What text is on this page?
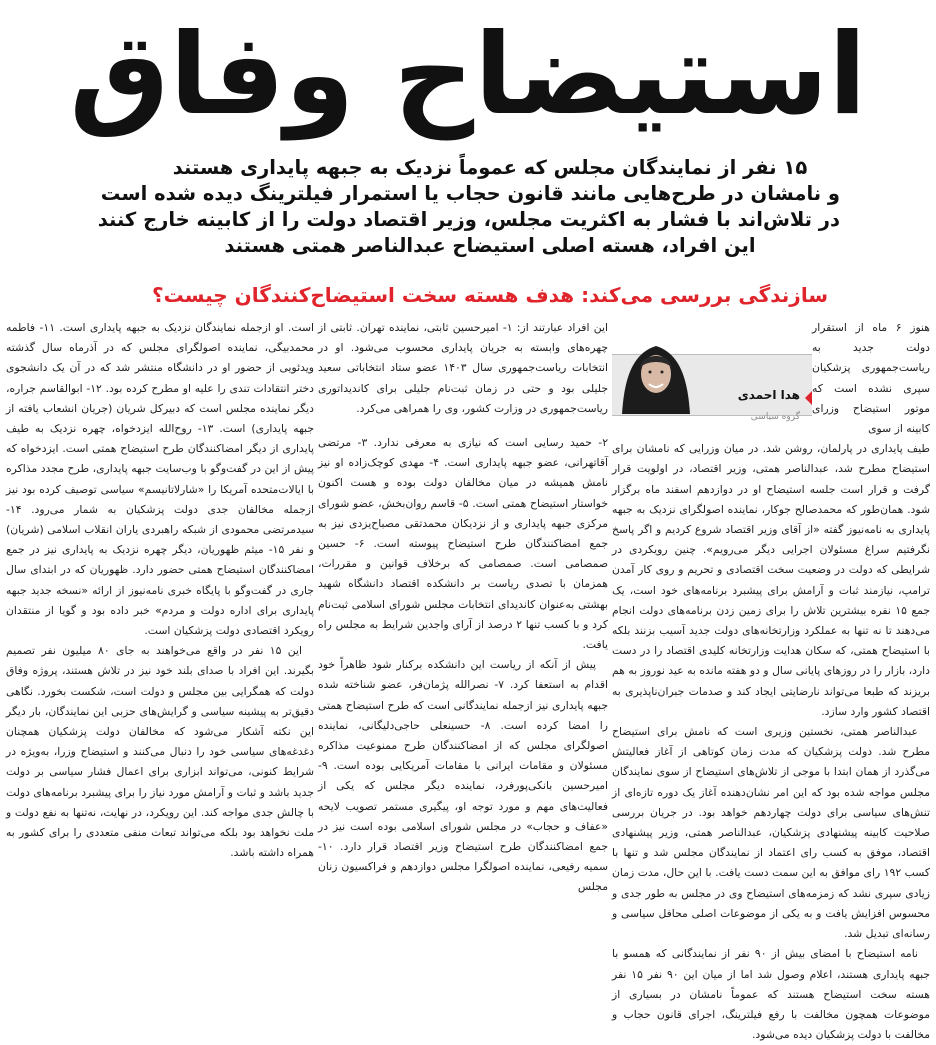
استیضاح وفاق
۱۵ نفر از نمایندگان مجلس که عموماً نزدیک به جبهه پایداری هستند
و نامشان در طرح‌هایی مانند قانون حجاب یا استمرار فیلترینگ دیده شده است
در تلاش‌اند با فشار به اکثریت مجلس، وزیر اقتصاد دولت را از کابینه خارج کنند
این افراد، هسته اصلی استیضاح عبدالناصر همتی هستند
سازندگی بررسی می‌کند: هدف هسته سخت استیضاح‌کنندگان چیست؟
هدا احمدی
گروه سیاسی

هنوز ۶ ماه از استقرار دولت جدید به ریاست‌جمهوری پزشکیان سپری نشده است که موتور استیضاح وزرای کابینه از سوی

طیف پایداری در پارلمان، روشن شد. در میان وزرایی که نامشان برای استیضاح مطرح شد، عبدالناصر همتی، وزیر اقتصاد، در اولویت قرار گرفت و قرار است جلسه استیضاح او در دوازدهم اسفند ماه برگزار شود. همان‌طور که محمدصالح جوکار، نماینده اصولگرای نزدیک به جبهه پایداری به نامه‌نیوز گفته «از آقای وزیر اقتصاد شروع کردیم و اگر پاسخ نگرفتیم سراغ مسئولان اجرایی دیگر می‌رویم». چنین رویکردی در شرایطی که دولت در وضعیت سخت اقتصادی و تحریم و روی کار آمدن ترامپ، نیازمند ثبات و آرامش برای پیشبرد برنامه‌های خود است، یک جمع ۱۵ نفره بیشترین تلاش را برای زمین زدن برنامه‌های دولت انجام می‌دهند تا نه تنها به عملکرد وزارتخانه‌های دولت جدید آسیب بزنند بلکه با استیضاح همتی، که سکان هدایت وزارتخانه کلیدی اقتصاد را در دست دارد، بازار را در روزهای پایانی سال و دو هفته مانده به عید نوروز به هم بریزند که طبعا می‌تواند نارضایتی ایجاد کند و صدمات جبران‌ناپذیری به اقتصاد کشور وارد سازد.

عبدالناصر همتی، نخستین وزیری است که نامش برای استیضاح مطرح شد. دولت پزشکیان که مدت زمان کوتاهی از آغاز فعالیتش می‌گذرد از همان ابتدا با موجی از تلاش‌های استیضاح از سوی نمایندگان مجلس مواجه شده بود که این امر نشان‌دهنده آغاز یک دوره تازه‌ای از تنش‌های سیاسی برای دولت چهاردهم خواهد بود. در جریان بررسی صلاحیت کابینه پیشنهادی پزشکیان، عبدالناصر همتی، وزیر پیشنهادی اقتصاد، موفق به کسب رای اعتماد از نمایندگان مجلس شد و تنها با کسب ۱۹۲ رای موافق به این سمت دست یافت. با این حال، مدت زمان زیادی سپری نشد که زمزمه‌های استیضاح وی در مجلس به طور جدی و محسوس افزایش یافت و به یکی از موضوعات اصلی محافل سیاسی و رسانه‌ای تبدیل شد.

نامه استیضاح با امضای بیش از ۹۰ نفر از نمایندگانی که همسو با جبهه پایداری هستند، اعلام وصول شد اما از میان این ۹۰ نفر ۱۵ نفر هسته سخت استیضاح هستند که عموماً نامشان در بسیاری از موضوعات همچون مخالفت با رفع فیلترینگ، اجرای قانون حجاب و مخالفت با دولت پزشکیان دیده می‌شود.

این افراد عبارتند از: ۱- امیرحسین ثابتی، نماینده تهران. ثابتی از چهره‌های وابسته به جریان پایداری محسوب می‌شود. او در انتخابات ریاست‌جمهوری سال ۱۴۰۳ عضو ستاد انتخاباتی سعید جلیلی بود و حتی در زمان ثبت‌نام جلیلی برای کاندیداتوری ریاست‌جمهوری در وزارت کشور، وی را همراهی می‌کرد.

۲- حمید رسایی است که نیازی به معرفی ندارد. ۳- مرتضی آقاتهرانی، عضو جبهه پایداری است. ۴- مهدی کوچک‌زاده او نیز نامش همیشه در میان مخالفان دولت بوده و هست اکنون خواستار استیضاح همتی است. ۵- قاسم روان‌بخش، عضو شورای مرکزی جبهه پایداری و از نزدیکان محمدتقی مصباح‌یزدی نیز به جمع امضاکنندگان طرح استیضاح پیوسته است. ۶- حسین صمصامی است. صمصامی که برخلاف قوانین و مقررات، همزمان با تصدی ریاست بر دانشکده اقتصاد دانشگاه شهید بهشتی به‌عنوان کاندیدای انتخابات مجلس شورای اسلامی ثبت‌نام کرد و با کسب تنها ۲ درصد از آرای واجدین شرایط به مجلس راه یافت.

پیش از آنکه از ریاست این دانشکده برکنار شود ظاهراً خود اقدام به استعفا کرد. ۷- نصرالله پژمان‌فر، عضو شناخته شده جبهه پایداری نیز ازجمله نمایندگانی است که طرح استیضاح همتی را امضا کرده است. ۸- حسینعلی حاجی‌دلیگانی، نماینده اصولگرای مجلس که از امضاکنندگان طرح ممنوعیت مذاکره مسئولان و مقامات ایرانی با مقامات آمریکایی بوده است. ۹- امیرحسین بانکی‌پورفرد، نماینده دیگر مجلس که یکی از فعالیت‌های مهم و مورد توجه او، پیگیری مستمر تصویب لایحه «عفاف و حجاب» در مجلس شورای اسلامی بوده است نیز در جمع امضاکنندگان طرح استیضاح وزیر اقتصاد قرار دارد. ۱۰- سمیه رفیعی، نماینده اصولگرا مجلس دوازدهم و فراکسیون زنان مجلس

است. او ازجمله نمایندگان نزدیک به جبهه پایداری است. ۱۱- فاطمه محمدبیگی، نماینده اصولگرای مجلس که در آذرماه سال گذشته ویدئویی از حضور او در دانشگاه منتشر شد که در آن یک دانشجوی دختر انتقادات تندی را علیه او مطرح کرده بود. ۱۲- ابوالقاسم جراره، دیگر نماینده مجلس است که دبیرکل شریان (جریان انشعاب یافته از جبهه پایداری) است. ۱۳- روح‌الله ایزدخواه، چهره نزدیک به طیف پایداری از دیگر امضاکنندگان طرح استیضاح همتی است. ایزدخواه که پیش از این در گفت‌وگو با وب‌سایت جبهه پایداری، طرح مجدد مذاکره با ایالات‌متحده آمریکا را «شارلاتانیسم» سیاسی توصیف کرده بود نیز ازجمله مخالفان جدی دولت پزشکیان به شمار می‌رود. ۱۴- سیدمرتضی محمودی از شبکه راهبردی یاران انقلاب اسلامی (شریان) و نفر ۱۵- میثم ظهوریان، دیگر چهره نزدیک به پایداری نیز در جمع امضاکنندگان استیضاح همتی حضور دارد. ظهوریان که در ابتدای سال جاری در گفت‌وگو با پایگاه خبری نامه‌نیوز از ارائه «نسخه جدید جبهه پایداری برای اداره دولت و مردم» خبر داده بود و گویا از منتقدان رویکرد اقتصادی دولت پزشکیان است.

این ۱۵ نفر در واقع می‌خواهند به جای ۸۰ میلیون نفر تصمیم بگیرند. این افراد با صدای بلند خود نیز در تلاش هستند، پروژه وفاق دولت که همگرایی بین مجلس و دولت است، شکست بخورد. نگاهی دقیق‌تر به پیشینه سیاسی و گرایش‌های حزبی این نمایندگان، بار دیگر این نکته آشکار می‌شود که مخالفان دولت پزشکیان همچنان دغدغه‌های سیاسی خود را دنبال می‌کنند و استیضاح وزرا، به‌ویژه در شرایط کنونی، می‌تواند ابزاری برای اعمال فشار سیاسی بر دولت جدید باشد و ثبات و آرامش مورد نیاز را برای پیشبرد برنامه‌های دولت با چالش جدی مواجه کند. این رویکرد، در نهایت، نه‌تنها به نفع دولت و ملت نخواهد بود بلکه می‌تواند تبعات منفی متعددی را برای کشور به همراه داشته باشد.
